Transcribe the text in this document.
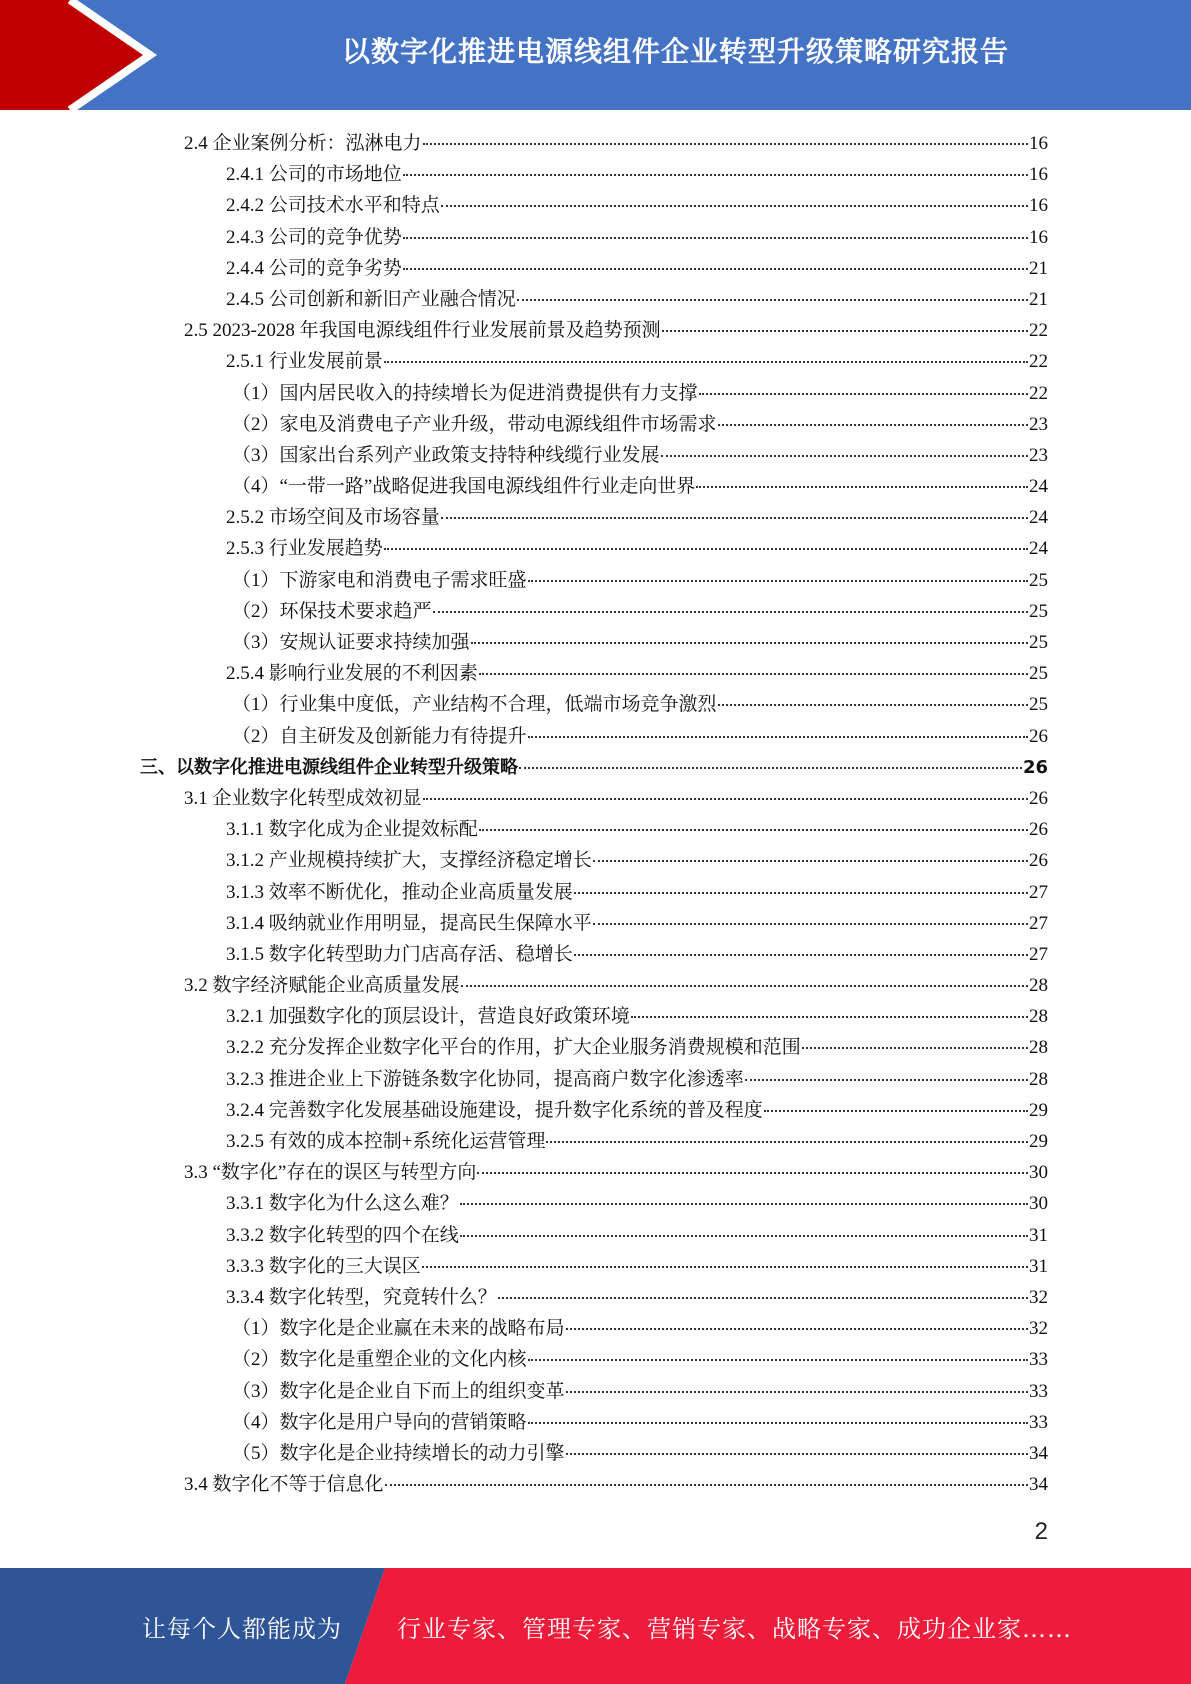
以数字化推进电源线组件企业转型升级策略研究报告
2.4 企业案例分析：泓淋电力	16
2.4.1 公司的市场地位	16
2.4.2 公司技术水平和特点	16
2.4.3 公司的竞争优势	16
2.4.4 公司的竞争劣势	21
2.4.5 公司创新和新旧产业融合情况	21
2.5 2023-2028 年我国电源线组件行业发展前景及趋势预测	22
2.5.1 行业发展前景	22
（1）国内居民收入的持续增长为促进消费提供有力支撑	22
（2）家电及消费电子产业升级，带动电源线组件市场需求	23
（3）国家出台系列产业政策支持特种线缆行业发展	23
（4）“一带一路”战略促进我国电源线组件行业走向世界	24
2.5.2 市场空间及市场容量	24
2.5.3 行业发展趋势	24
（1）下游家电和消费电子需求旺盛	25
（2）环保技术要求趋严	25
（3）安规认证要求持续加强	25
2.5.4 影响行业发展的不利因素	25
（1）行业集中度低，产业结构不合理，低端市场竞争激烈	25
（2）自主研发及创新能力有待提升	26
三、以数字化推进电源线组件企业转型升级策略	26
3.1 企业数字化转型成效初显	26
3.1.1 数字化成为企业提效标配	26
3.1.2 产业规模持续扩大，支撑经济稳定增长	26
3.1.3 效率不断优化，推动企业高质量发展	27
3.1.4 吸纳就业作用明显，提高民生保障水平	27
3.1.5 数字化转型助力门店高存活、稳增长	27
3.2 数字经济赋能企业高质量发展	28
3.2.1 加强数字化的顶层设计，营造良好政策环境	28
3.2.2 充分发挥企业数字化平台的作用，扩大企业服务消费规模和范围	28
3.2.3 推进企业上下游链条数字化协同，提高商户数字化渗透率	28
3.2.4 完善数字化发展基础设施建设，提升数字化系统的普及程度	29
3.2.5 有效的成本控制+系统化运营管理	29
3.3 “数字化”存在的误区与转型方向	30
3.3.1 数字化为什么这么难？	30
3.3.2 数字化转型的四个在线	31
3.3.3 数字化的三大误区	31
3.3.4 数字化转型，究竟转什么？	32
（1）数字化是企业赢在未来的战略布局	32
（2）数字化是重塑企业的文化内核	33
（3）数字化是企业自下而上的组织变革	33
（4）数字化是用户导向的营销策略	33
（5）数字化是企业持续增长的动力引擎	34
3.4 数字化不等于信息化	34
2
让每个人都能成为 行业专家、管理专家、营销专家、战略专家、成功企业家……
